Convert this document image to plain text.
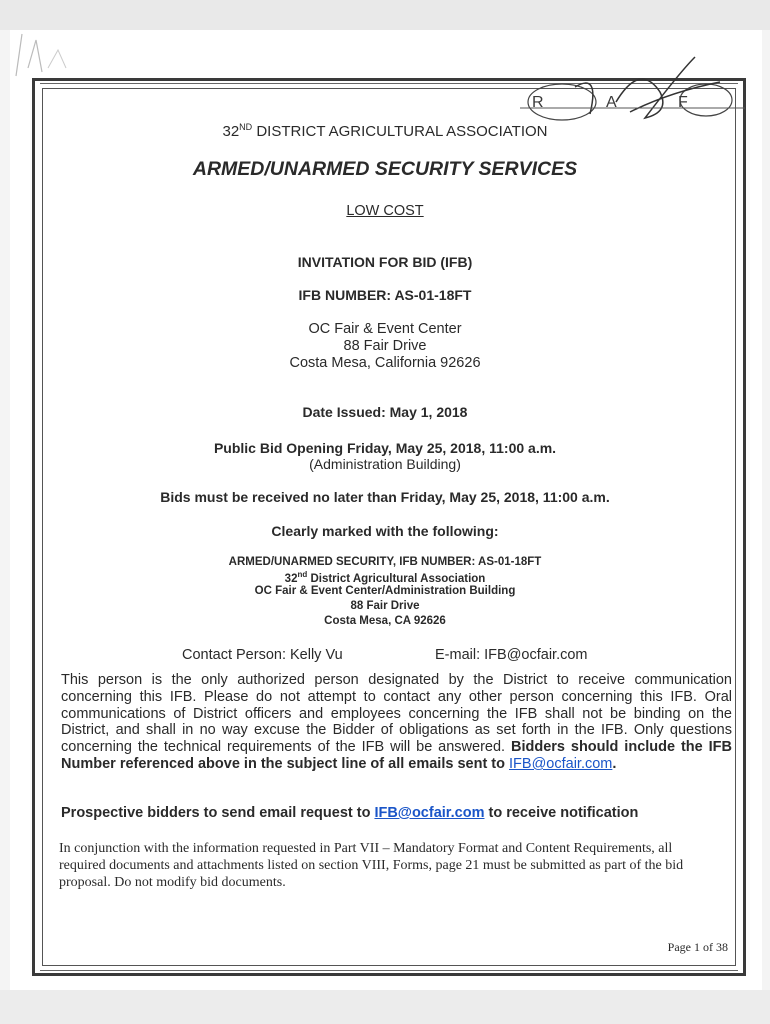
R	A	F
32ND DISTRICT AGRICULTURAL ASSOCIATION
ARMED/UNARMED SECURITY SERVICES
LOW COST
INVITATION FOR BID (IFB)
IFB NUMBER: AS-01-18FT
OC Fair & Event Center
88 Fair Drive
Costa Mesa, California 92626
Date Issued: May 1, 2018
Public Bid Opening Friday, May 25, 2018, 11:00 a.m.
(Administration Building)
Bids must be received no later than Friday, May 25, 2018, 11:00 a.m.
Clearly marked with the following:
ARMED/UNARMED SECURITY, IFB NUMBER: AS-01-18FT
32nd District Agricultural Association
OC Fair & Event Center/Administration Building
88 Fair Drive
Costa Mesa, CA 92626
Contact Person: Kelly Vu	E-mail: IFB@ocfair.com
This person is the only authorized person designated by the District to receive communication concerning this IFB. Please do not attempt to contact any other person concerning this IFB. Oral communications of District officers and employees concerning the IFB shall not be binding on the District, and shall in no way excuse the Bidder of obligations as set forth in the IFB. Only questions concerning the technical requirements of the IFB will be answered. Bidders should include the IFB Number referenced above in the subject line of all emails sent to IFB@ocfair.com.
Prospective bidders to send email request to IFB@ocfair.com to receive notification
In conjunction with the information requested in Part VII – Mandatory Format and Content Requirements, all required documents and attachments listed on section VIII, Forms, page 21 must be submitted as part of the bid proposal. Do not modify bid documents.
Page 1 of 38
